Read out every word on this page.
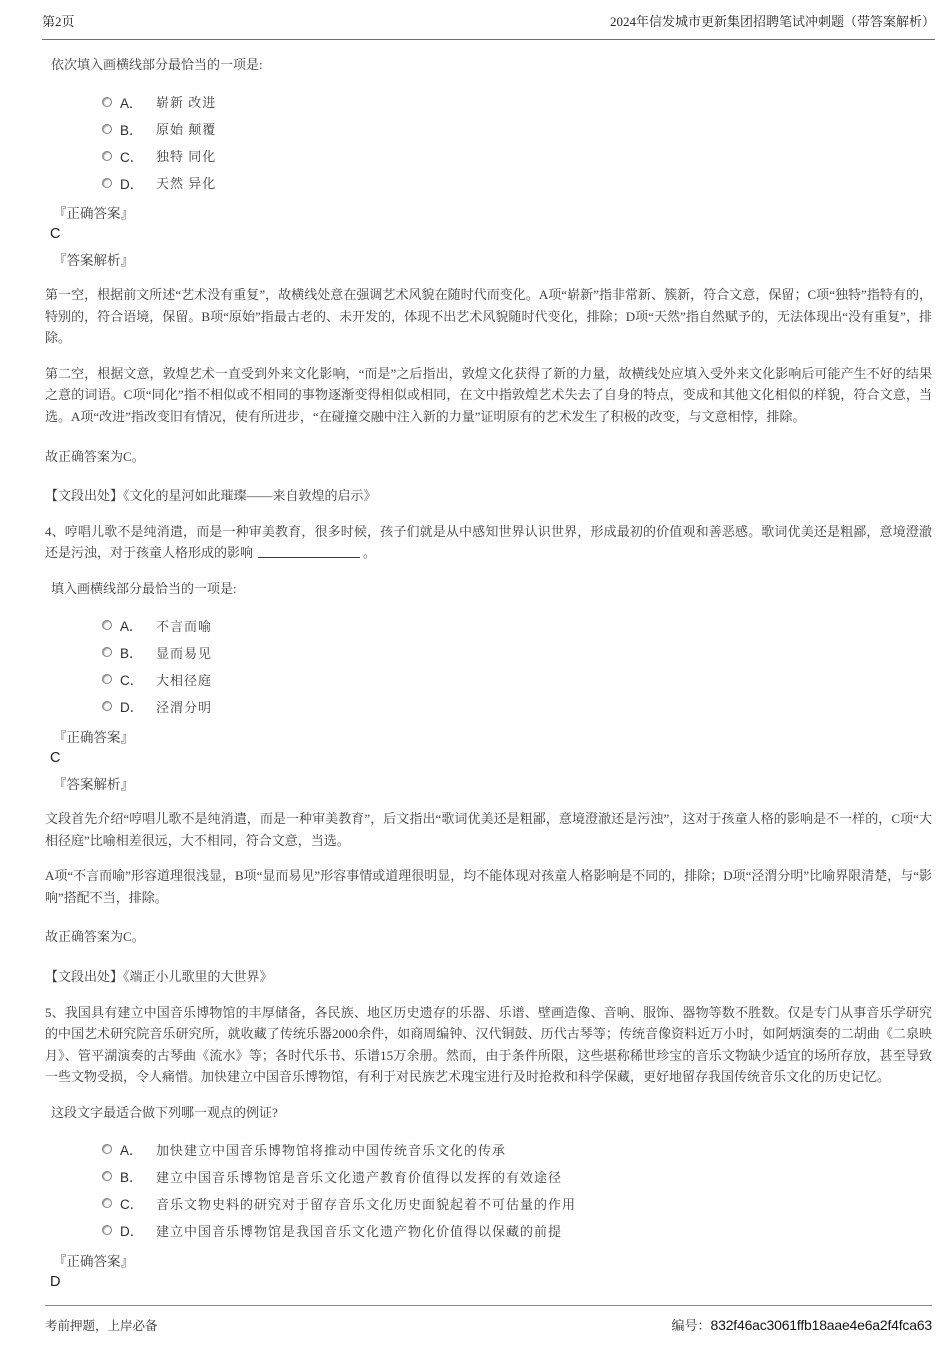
第2页	2024年信发城市更新集团招聘笔试冲刺题（带答案解析）

依次填入画横线部分最恰当的一项是:

A． 崭新 改进
B． 原始 颠覆
C． 独特 同化
D． 天然 异化

『正确答案』

C

『答案解析』

第一空，根据前文所述“艺术没有重复”，故横线处意在强调艺术风貌在随时代而变化。A项“崭新”指非常新、簇新，符合文意，保留；C项“独特”指特有的，特别的，符合语境，保留。B项“原始”指最古老的、未开发的，体现不出艺术风貌随时代变化，排除；D项“天然”指自然赋予的，无法体现出“没有重复”，排除。

第二空，根据文意，敦煌艺术一直受到外来文化影响，“而是”之后指出，敦煌文化获得了新的力量，故横线处应填入受外来文化影响后可能产生不好的结果之意的词语。C项“同化”指不相似或不相同的事物逐渐变得相似或相同，在文中指敦煌艺术失去了自身的特点，变成和其他文化相似的样貌，符合文意，当选。A项“改进”指改变旧有情况，使有所进步，“在碰撞交融中注入新的力量”证明原有的艺术发生了积极的改变，与文意相悖，排除。

故正确答案为C。

【文段出处】《文化的星河如此璀璨——来自敦煌的启示》

4、哼唱儿歌不是纯消遣，而是一种审美教育，很多时候，孩子们就是从中感知世界认识世界，形成最初的价值观和善恶感。歌词优美还是粗鄙，意境澄澈还是污浊，对于孩童人格形成的影响	。

填入画横线部分最恰当的一项是:

A． 不言而喻
B． 显而易见
C． 大相径庭
D． 泾渭分明

『正确答案』

C

『答案解析』

文段首先介绍“哼唱儿歌不是纯消遣，而是一种审美教育”，后文指出“歌词优美还是粗鄙，意境澄澈还是污浊”，这对于孩童人格的影响是不一样的，C项“大相径庭”比喻相差很远，大不相同，符合文意，当选。

A项“不言而喻”形容道理很浅显，B项“显而易见”形容事情或道理很明显，均不能体现对孩童人格影响是不同的，排除；D项“泾渭分明”比喻界限清楚，与“影响”搭配不当，排除。

故正确答案为C。

【文段出处】《端正小儿歌里的大世界》

5、我国具有建立中国音乐博物馆的丰厚储备，各民族、地区历史遗存的乐器、乐谱、壁画造像、音响、服饰、器物等数不胜数。仅是专门从事音乐学研究的中国艺术研究院音乐研究所，就收藏了传统乐器2000余件，如商周编钟、汉代铜鼓、历代古琴等；传统音像资料近万小时，如阿炳演奏的二胡曲《二泉映月》、管平湖演奏的古琴曲《流水》等；各时代乐书、乐谱15万余册。然而，由于条件所限，这些堪称稀世珍宝的音乐文物缺少适宜的场所存放，甚至导致一些文物受损，令人痛惜。加快建立中国音乐博物馆，有利于对民族艺术瑰宝进行及时抢救和科学保藏，更好地留存我国传统音乐文化的历史记忆。

这段文字最适合做下列哪一观点的例证?

A． 加快建立中国音乐博物馆将推动中国传统音乐文化的传承
B． 建立中国音乐博物馆是音乐文化遗产教育价值得以发挥的有效途径
C． 音乐文物史料的研究对于留存音乐文化历史面貌起着不可估量的作用
D． 建立中国音乐博物馆是我国音乐文化遗产物化价值得以保藏的前提

『正确答案』

D

考前押题，上岸必备	编号：832f46ac3061ffb18aae4e6a2f4fca63
